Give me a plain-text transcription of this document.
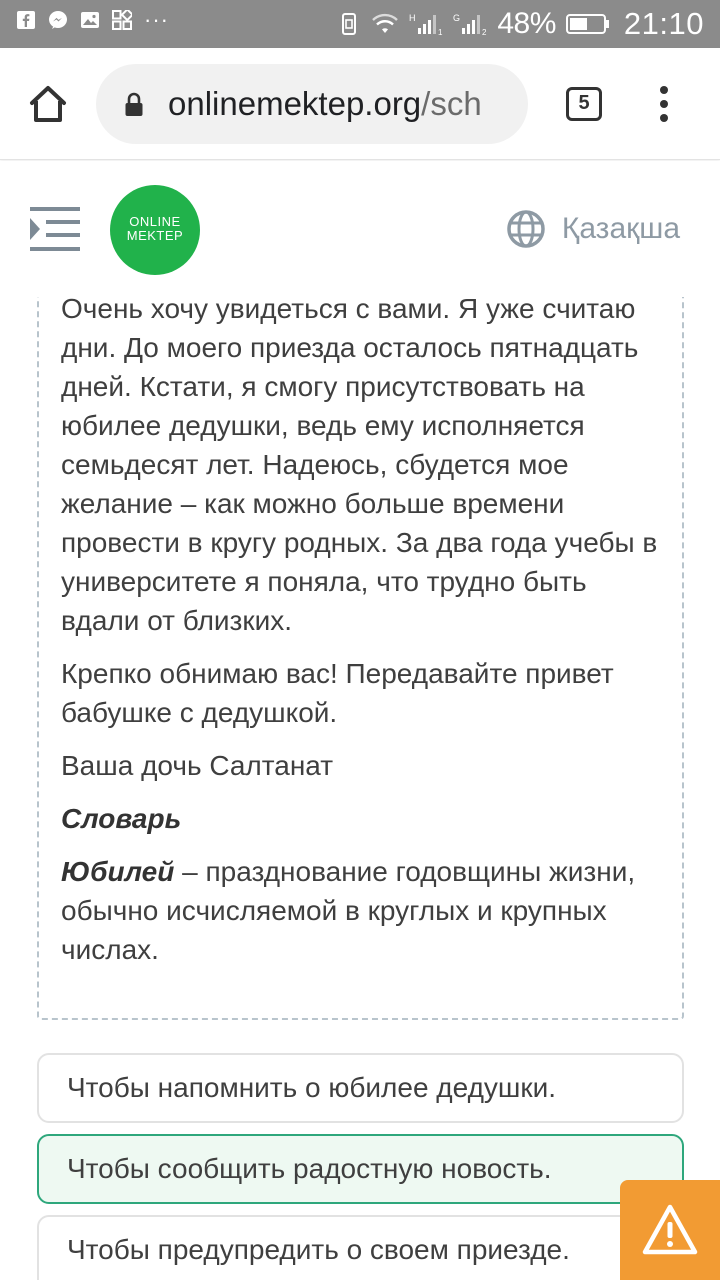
···	H
1
G
2 48% 21:10
onlinemektep.org/sch	5
ONLINE
MEKTEP	Қазақша

Очень хочу увидеться с вами. Я уже считаю дни. До моего приезда осталось пятнадцать дней. Кстати, я смогу присутствовать на юбилее дедушки, ведь ему исполняется семьдесят лет. Надеюсь, сбудется мое желание – как можно больше времени провести в кругу родных. За два года учебы в университете я поняла, что трудно быть вдали от близких.

Крепко обнимаю вас! Передавайте привет бабушке с дедушкой.

Ваша дочь Салтанат

Словарь

Юбилей – празднование годовщины жизни, обычно исчисляемой в круглых и крупных числах.

Чтобы напомнить о юбилее дедушки.
Чтобы сообщить радостную новость.
Чтобы предупредить о своем приезде.
